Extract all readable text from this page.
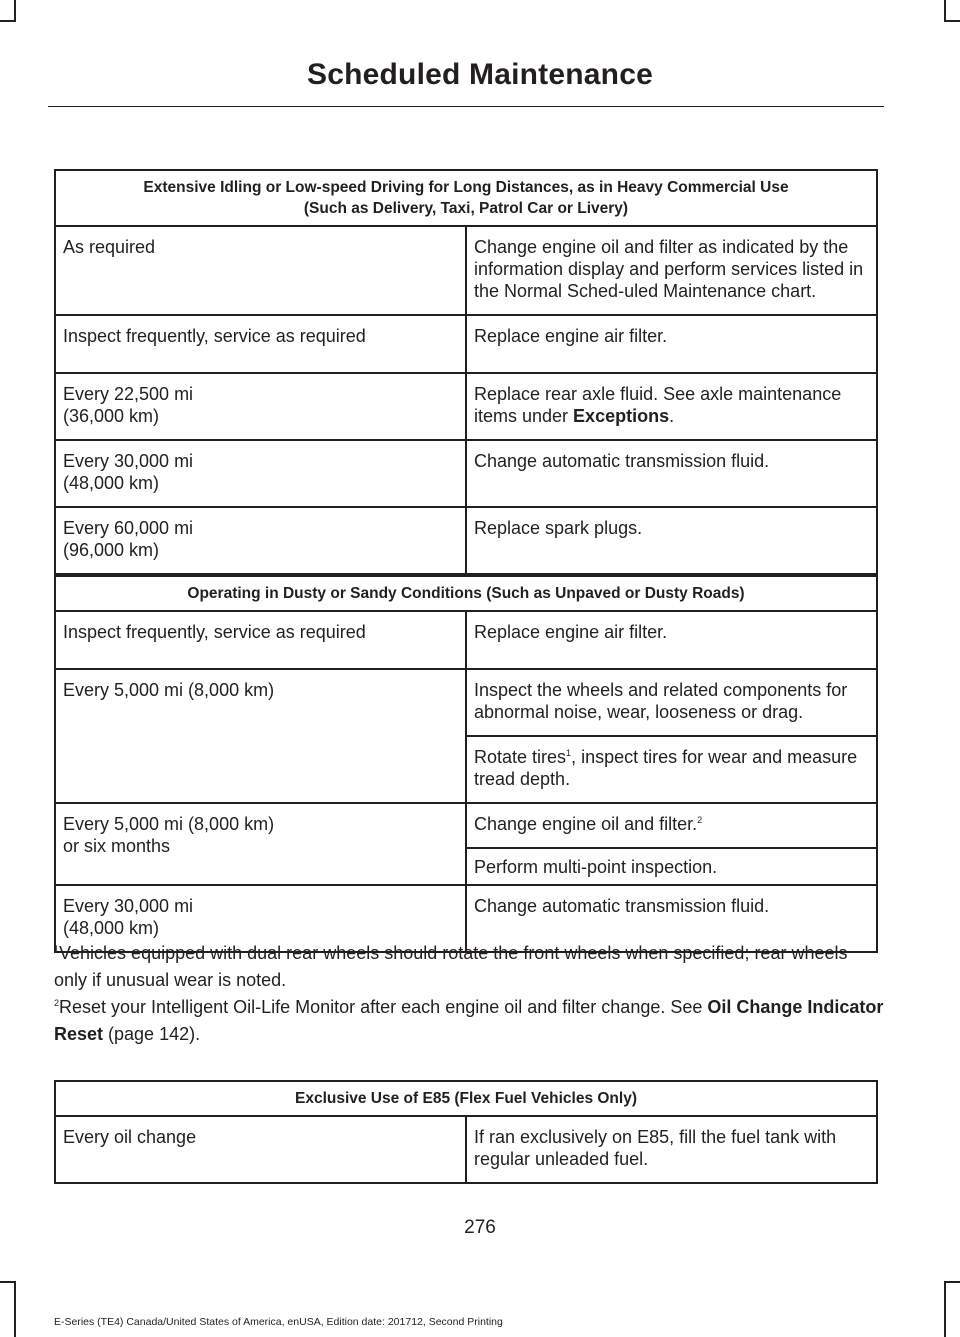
Scheduled Maintenance
Extensive Idling or Low-speed Driving for Long Distances, as in Heavy Commercial Use
(Such as Delivery, Taxi, Patrol Car or Livery)	

As required	Change engine oil and filter as indicated by the information display and perform services listed in the Normal Sched-uled Maintenance chart.
Inspect frequently, service as required	Replace engine air filter.

Every 22,500 mi
(36,000 km)	Replace rear axle fluid. See axle maintenance items under Exceptions.

Every 30,000 mi
(48,000 km)	Change automatic transmission fluid.

Every 60,000 mi
(96,000 km)	Replace spark plugs.
Operating in Dusty or Sandy Conditions (Such as Unpaved or Dusty Roads)	
Inspect frequently, service as required	Replace engine air filter.
Every 5,000 mi (8,000 km)	Inspect the wheels and related components for abnormal noise, wear, looseness or drag.
	Rotate tires$^1$, inspect tires for wear and measure tread depth.

Every 5,000 mi (8,000 km)
or six months	Change engine oil and filter.$^2$
	Perform multi-point inspection.

Every 30,000 mi
(48,000 km)	Change automatic transmission fluid.
$^1$Vehicles equipped with dual rear wheels should rotate the front wheels when specified; rear wheels only if unusual wear is noted.
$^2$Reset your Intelligent Oil-Life Monitor after each engine oil and filter change. See Oil Change Indicator Reset (page 142).
Exclusive Use of E85 (Flex Fuel Vehicles Only)
Every oil change	If ran exclusively on E85, fill the fuel tank with regular unleaded fuel.
276
E-Series (TE4) Canada/United States of America, enUSA, Edition date: 201712, Second Printing
